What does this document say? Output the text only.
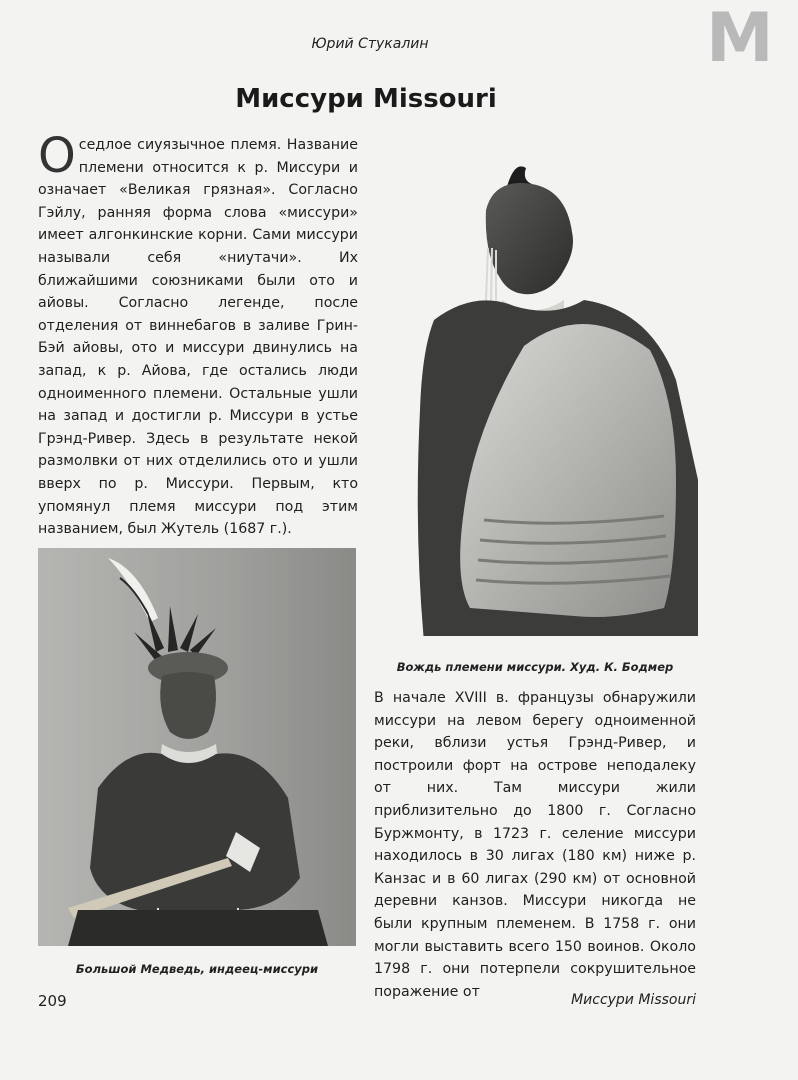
Юрий Стукалин	М
Миссури Missouri
Оседлое сиуязычное племя. Название племени относится к р. Миссури и означает «Великая грязная». Согласно Гэйлу, ранняя форма слова «миссури» имеет алгонкинские корни. Сами миссури называли себя «ниутачи». Их ближайшими союзниками были ото и айовы. Согласно легенде, после отделения от виннебагов в заливе Грин-Бэй айовы, ото и миссури двинулись на запад, к р. Айова, где остались люди одноименного племени. Остальные ушли на запад и достигли р. Миссури в устье Грэнд-Ривер. Здесь в результате некой размолвки от них отделились ото и ушли вверх по р. Миссури. Первым, кто упомянул племя миссури под этим названием, был Жутель (1687 г.).
Вождь племени миссури. Худ. К. Бодмер
Большой Медведь, индеец-миссури
В начале XVIII в. французы обнаружили миссури на левом берегу одноименной реки, вблизи устья Грэнд-Ривер, и построили форт на острове неподалеку от них. Там миссури жили приблизительно до 1800 г. Согласно Буржмонту, в 1723 г. селение миссури находилось в 30 лигах (180 км) ниже р. Канзас и в 60 лигах (290 км) от основной деревни канзов. Миссури никогда не были крупным племенем. В 1758 г. они могли выставить всего 150 воинов. Около 1798 г. они потерпели сокрушительное поражение от
209	Миссури Missouri
